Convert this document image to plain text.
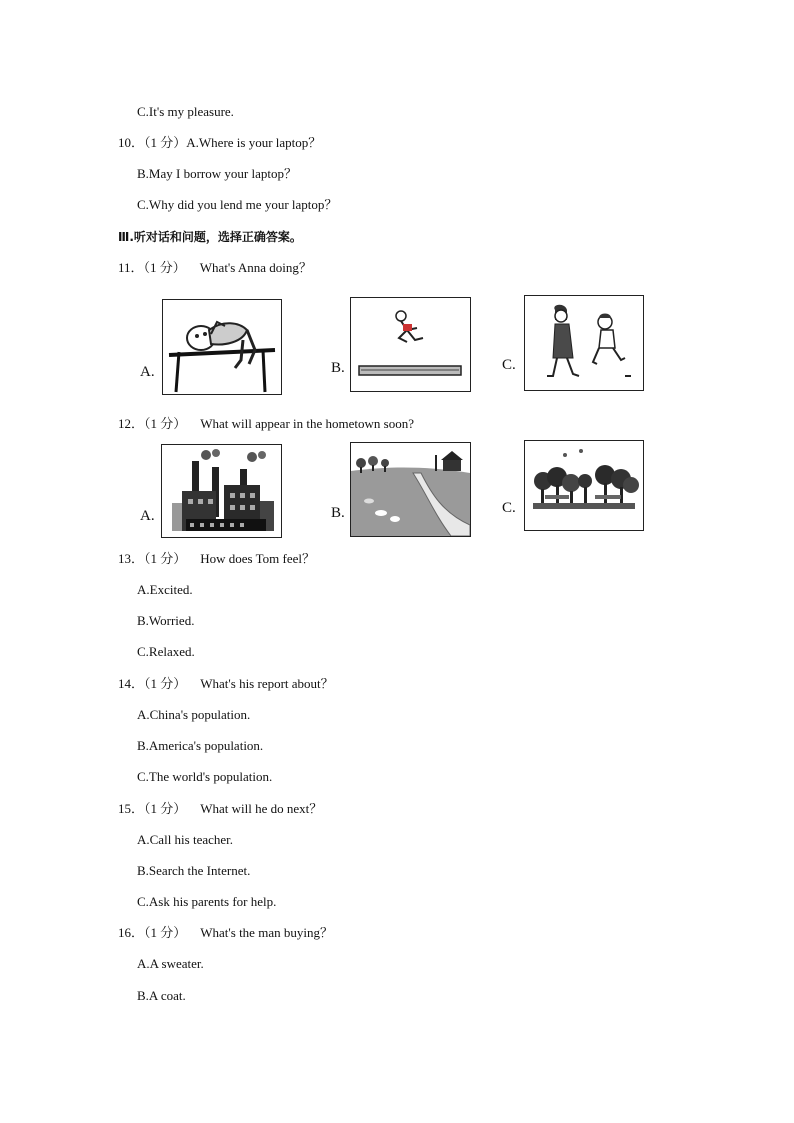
C.It's my pleasure.
10．（1 分）A.Where is your laptop？
B.May I borrow your laptop？
C.Why did you lend me your laptop？
Ⅲ.听对话和问题，选择正确答案。
11．（1 分） What's Anna doing？
A.	B.	C.
12．（1 分） What will appear in the hometown soon?
A.	B.	C.
13．（1 分） How does Tom feel？
A.Excited.
B.Worried.
C.Relaxed.
14．（1 分） What's his report about？
A.China's population.
B.America's population.
C.The world's population.
15．（1 分） What will he do next？
A.Call his teacher.
B.Search the Internet.
C.Ask his parents for help.
16．（1 分） What's the man buying？
A.A sweater.
B.A coat.
